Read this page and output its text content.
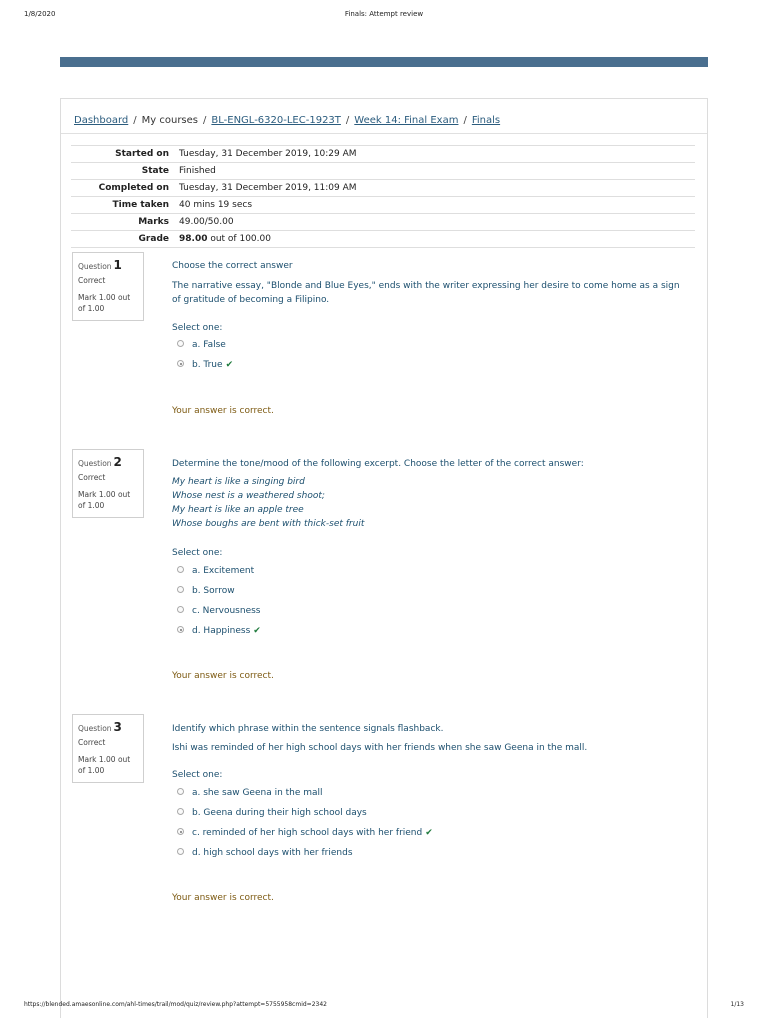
1/8/2020	Finals: Attempt review
Dashboard / My courses / BL-ENGL-6320-LEC-1923T / Week 14: Final Exam / Finals
Started on	Tuesday, 31 December 2019, 10:29 AM
State	Finished
Completed on	Tuesday, 31 December 2019, 11:09 AM
Time taken	40 mins 19 secs
Marks	49.00/50.00
Grade	98.00 out of 100.00
Question 1
Correct
Mark 1.00 out of 1.00

Choose the correct answer

The narrative essay, "Blonde and Blue Eyes," ends with the writer expressing her desire to come home as a sign of gratitude of becoming a Filipino.

Select one:
a. False
b. True ✔
Your answer is correct.
Question 2
Correct
Mark 1.00 out of 1.00

Determine the tone/mood of the following excerpt. Choose the letter of the correct answer:

My heart is like a singing bird

Whose nest is a weathered shoot;

My heart is like an apple tree

Whose boughs are bent with thick-set fruit

Select one:
a. Excitement
b. Sorrow
c. Nervousness
d. Happiness ✔
Your answer is correct.
Question 3
Correct
Mark 1.00 out of 1.00

Identify which phrase within the sentence signals flashback.

Ishi was reminded of her high school days with her friends when she saw Geena in the mall.

Select one:
a. she saw Geena in the mall
b. Geena during their high school days
c. reminded of her high school days with her friend ✔
d. high school days with her friends
Your answer is correct.
https://blended.amaesonline.com/ahl-times/trail/mod/quiz/review.php?attempt=5755958cmid=2342	1/13
